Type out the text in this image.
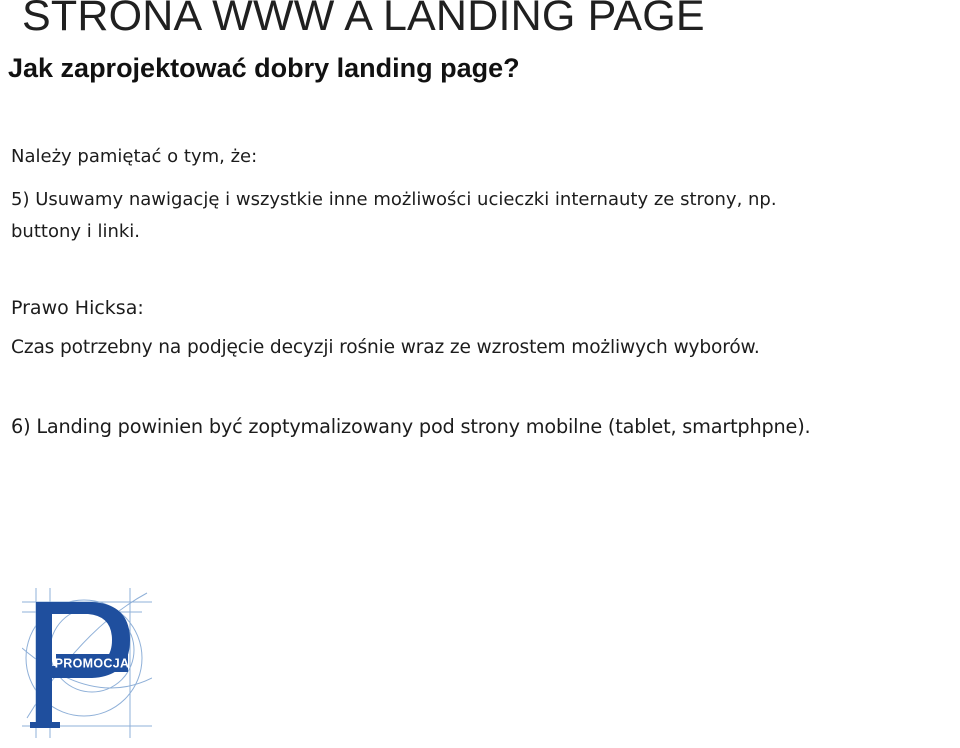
STRONA WWW A LANDING PAGE
Jak zaprojektować dobry landing page?
Należy pamiętać o tym, że:
5) Usuwamy nawigację i wszystkie inne możliwości ucieczki internauty ze strony, np.
buttony i linki.
Prawo Hicksa:
Czas potrzebny na podjęcie decyzji rośnie wraz ze wzrostem możliwych wyborów.
6) Landing powinien być zoptymalizowany pod strony mobilne (tablet, smartphpne).
PROMOCJA
